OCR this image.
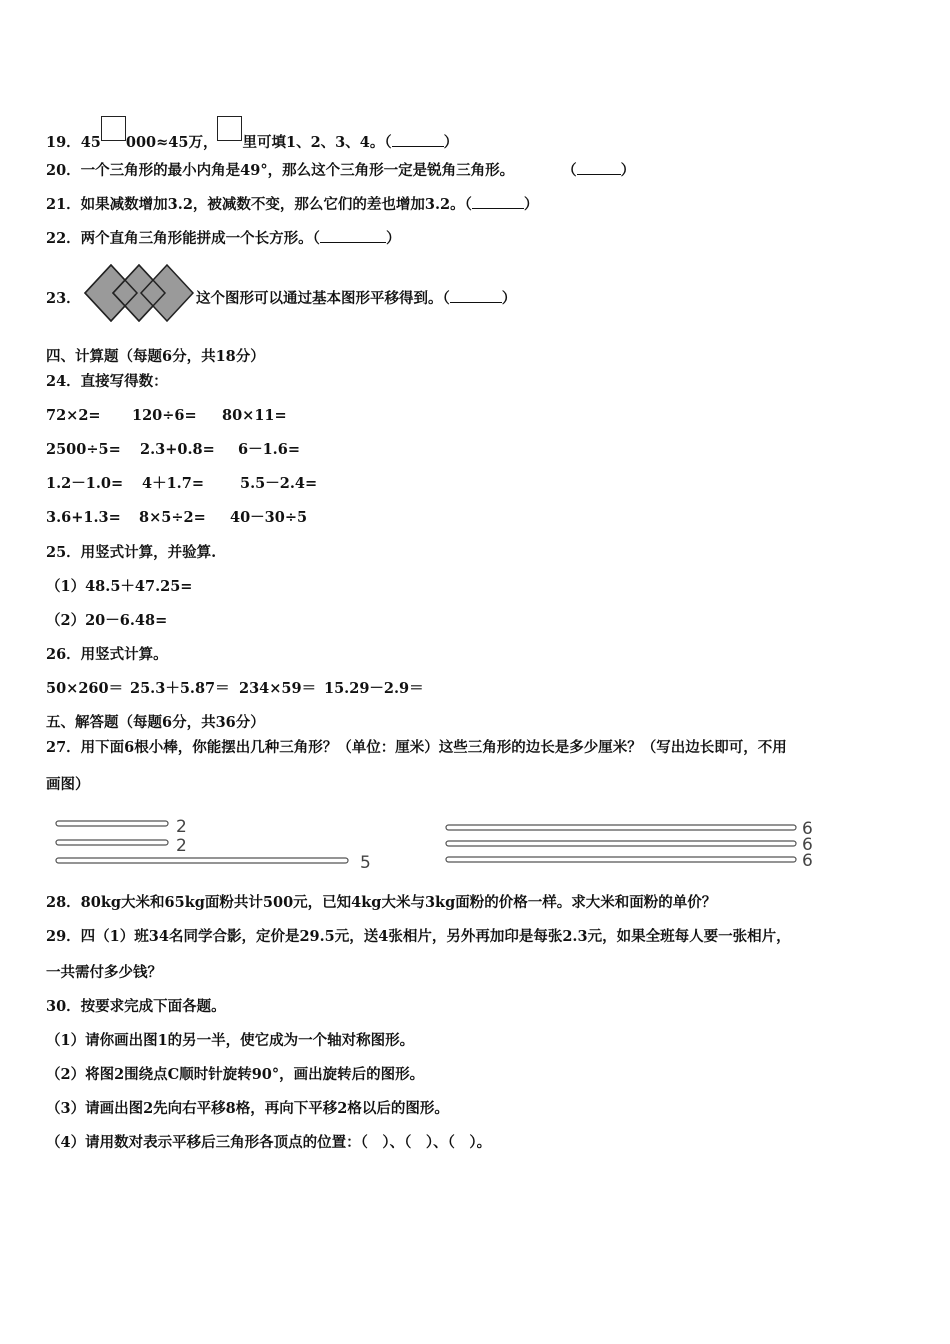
19．45 000≈45万， 里可填1、2、3、4。（	）
20．一个三角形的最小内角是49°，那么这个三角形一定是锐角三角形。	（	）
21．如果减数增加3.2，被减数不变，那么它们的差也增加3.2。（	）
22．两个直角三角形能拼成一个长方形。（	）
23．	这个图形可以通过基本图形平移得到。（	）
四、计算题（每题6分，共18分）
24．直接写得数：
72×2= 120÷6= 80×11=
2500÷5= 2.3+0.8= 6－1.6=
1.2－1.0= 4＋1.7= 5.5－2.4=
3.6+1.3= 8×5÷2= 40－30÷5
25．用竖式计算，并验算.
（1）48.5＋47.25=
（2）20－6.48=
26．用竖式计算。
50×260＝ 25.3＋5.87＝ 234×59＝ 15.29－2.9＝
五、解答题（每题6分，共36分）
27．用下面6根小棒，你能摆出几种三角形？（单位：厘米）这些三角形的边长是多少厘米？（写出边长即可，不用
画图）
2
2
5
6
6
6
28．80kg大米和65kg面粉共计500元，已知4kg大米与3kg面粉的价格一样。求大米和面粉的单价？
29．四（1）班34名同学合影，定价是29.5元，送4张相片，另外再加印是每张2.3元，如果全班每人要一张相片，
一共需付多少钱？
30．按要求完成下面各题。
（1）请你画出图1的另一半，使它成为一个轴对称图形。
（2）将图2围绕点C顺时针旋转90°，画出旋转后的图形。
（3）请画出图2先向右平移8格，再向下平移2格以后的图形。
（4）请用数对表示平移后三角形各顶点的位置：（　）、（　）、（　）。
